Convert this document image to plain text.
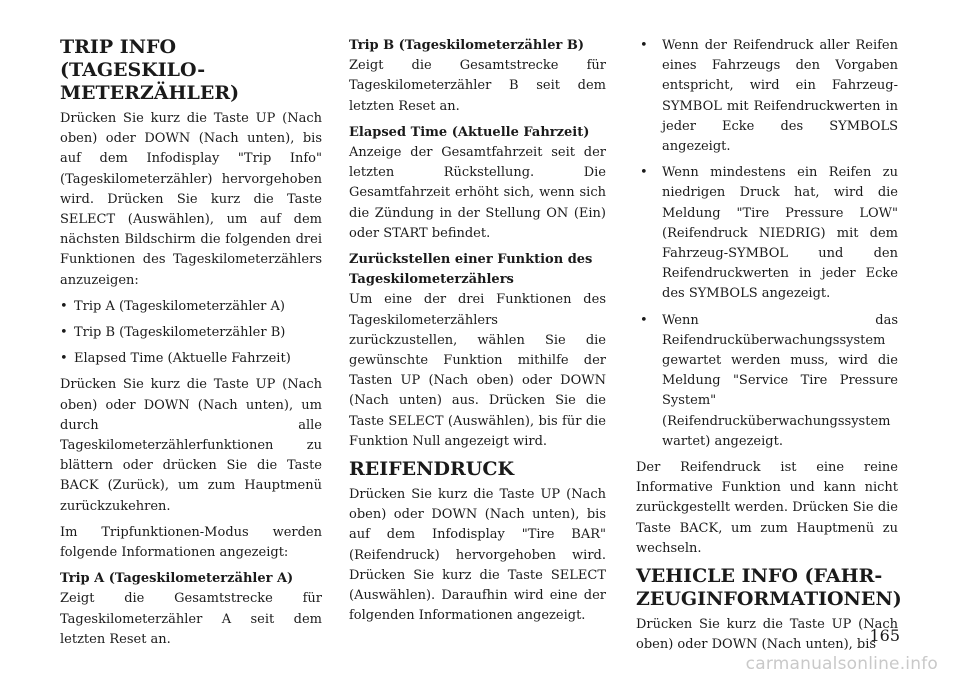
TRIP INFO (TAGESKILO-METERZÄHLER)

Drücken Sie kurz die Taste UP (Nach oben) oder DOWN (Nach unten), bis auf dem Infodisplay "Trip Info" (Tageskilometerzähler) hervorgehoben wird. Drücken Sie kurz die Taste SELECT (Auswählen), um auf dem nächsten Bildschirm die folgenden drei Funktionen des Tageskilometerzählers anzuzeigen:

• Trip A (Tageskilometerzähler A)
• Trip B (Tageskilometerzähler B)
• Elapsed Time (Aktuelle Fahrzeit)

Drücken Sie kurz die Taste UP (Nach oben) oder DOWN (Nach unten), um durch alle Tageskilometerzählerfunktionen zu blättern oder drücken Sie die Taste BACK (Zurück), um zum Hauptmenü zurückzukehren.

Im Tripfunktionen-Modus werden folgende Informationen angezeigt:

Trip A (Tageskilometerzähler A)

Zeigt die Gesamtstrecke für Tageskilometerzähler A seit dem letzten Reset an.

Trip B (Tageskilometerzähler B)

Zeigt die Gesamtstrecke für Tageskilometerzähler B seit dem letzten Reset an.

Elapsed Time (Aktuelle Fahrzeit)

Anzeige der Gesamtfahrzeit seit der letzten Rückstellung. Die Gesamtfahrzeit erhöht sich, wenn sich die Zündung in der Stellung ON (Ein) oder START befindet.

Zurückstellen einer Funktion des Tageskilometerzählers

Um eine der drei Funktionen des Tageskilometerzählers zurückzustellen, wählen Sie die gewünschte Funktion mithilfe der Tasten UP (Nach oben) oder DOWN (Nach unten) aus. Drücken Sie die Taste SELECT (Auswählen), bis für die Funktion Null angezeigt wird.

REIFENDRUCK

Drücken Sie kurz die Taste UP (Nach oben) oder DOWN (Nach unten), bis auf dem Infodisplay "Tire BAR" (Reifendruck) hervorgehoben wird. Drücken Sie kurz die Taste SELECT (Auswählen). Daraufhin wird eine der folgenden Informationen angezeigt.

• Wenn der Reifendruck aller Reifen eines Fahrzeugs den Vorgaben entspricht, wird ein Fahrzeug-SYMBOL mit Reifendruckwerten in jeder Ecke des SYMBOLS angezeigt.
• Wenn mindestens ein Reifen zu niedrigen Druck hat, wird die Meldung "Tire Pressure LOW" (Reifendruck NIEDRIG) mit dem Fahrzeug-SYMBOL und den Reifendruckwerten in jeder Ecke des SYMBOLS angezeigt.
• Wenn das Reifendrucküberwachungssystem gewartet werden muss, wird die Meldung "Service Tire Pressure System" (Reifendrucküberwachungssystem wartet) angezeigt.

Der Reifendruck ist eine reine Informative Funktion und kann nicht zurückgestellt werden. Drücken Sie die Taste BACK, um zum Hauptmenü zu wechseln.

VEHICLE INFO (FAHR-ZEUGINFORMATIONEN)

Drücken Sie kurz die Taste UP (Nach oben) oder DOWN (Nach unten), bis

165
carmanualsonline.info
